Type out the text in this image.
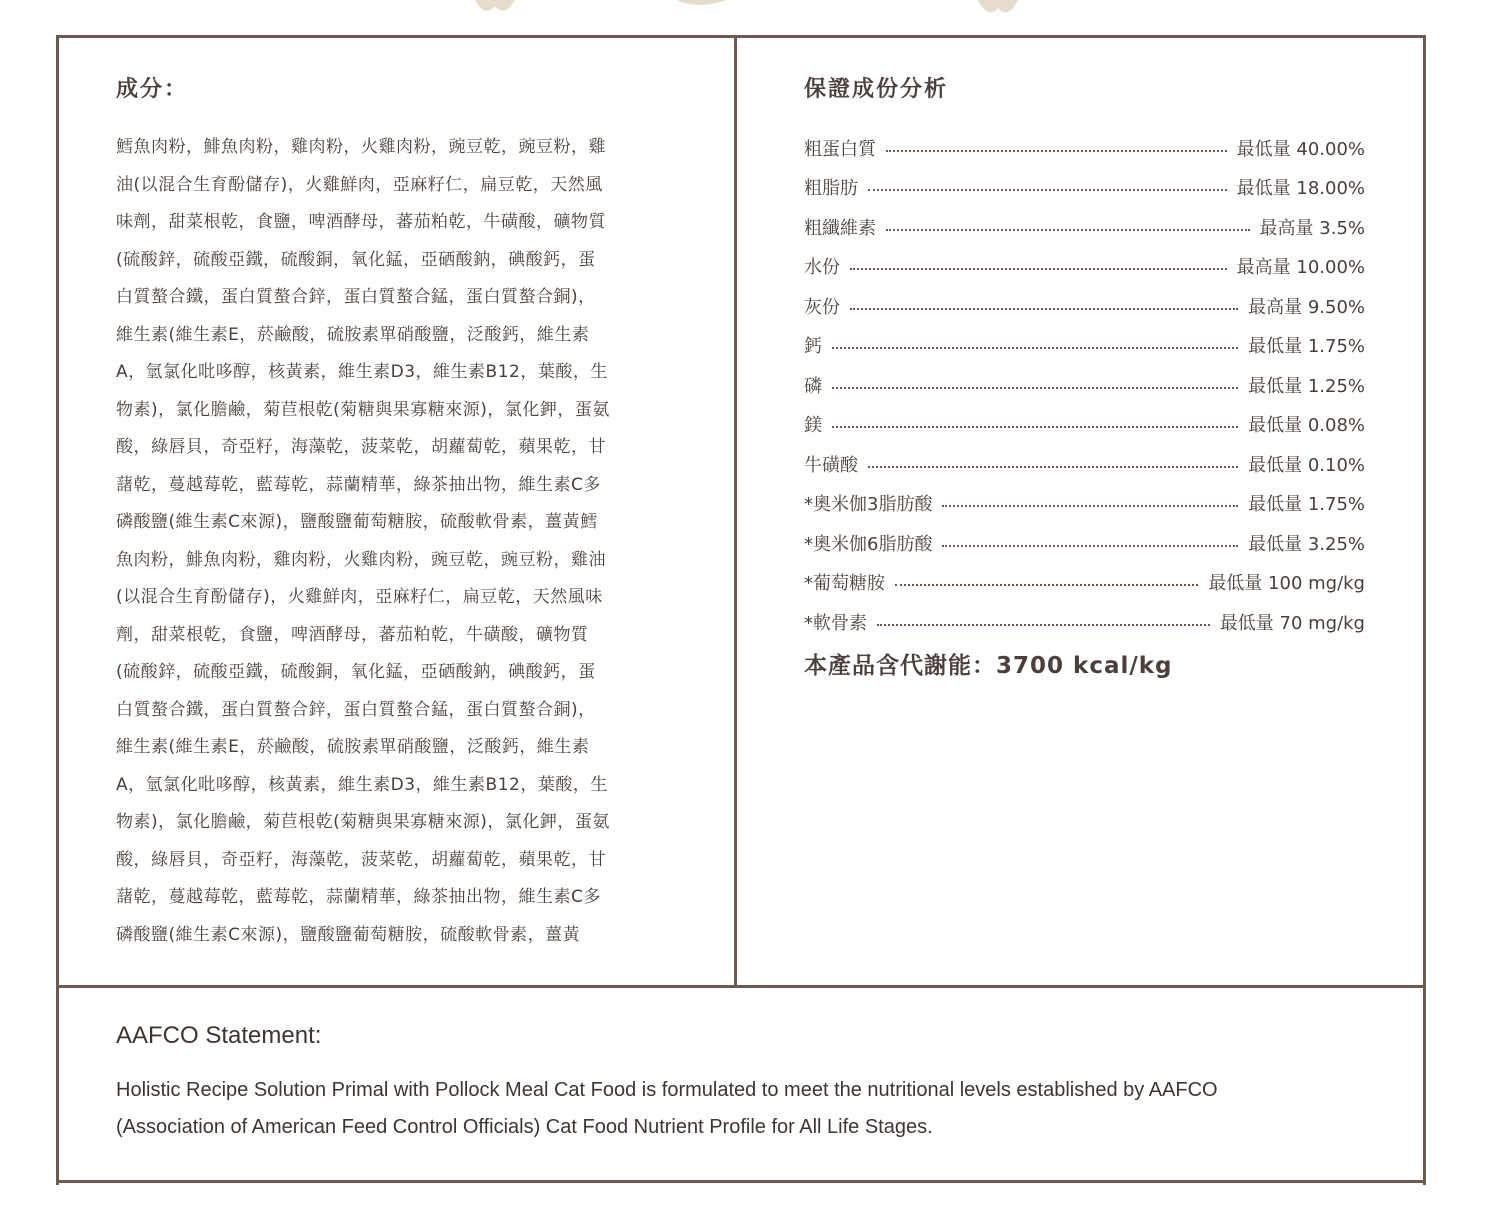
成分：
鱈魚肉粉，鯡魚肉粉，雞肉粉，火雞肉粉，豌豆乾，豌豆粉，雞
油(以混合生育酚儲存)，火雞鮮肉，亞麻籽仁，扁豆乾，天然風
味劑，甜菜根乾，食鹽，啤酒酵母，蕃茄粕乾，牛磺酸，礦物質
(硫酸鋅，硫酸亞鐵，硫酸銅，氧化錳，亞硒酸鈉，碘酸鈣，蛋
白質螯合鐵，蛋白質螯合鋅，蛋白質螯合錳，蛋白質螯合銅)，
維生素(維生素E，菸鹼酸，硫胺素單硝酸鹽，泛酸鈣，維生素
A，氫氯化吡哆醇，核黃素，維生素D3，維生素B12，葉酸，生
物素)，氯化膽鹼，菊苣根乾(菊糖與果寡糖來源)，氯化鉀，蛋氨
酸，綠唇貝，奇亞籽，海藻乾，菠菜乾，胡蘿蔔乾，蘋果乾，甘
藷乾，蔓越莓乾，藍莓乾，蒜蘭精華，綠茶抽出物，維生素C多
磷酸鹽(維生素C來源)，鹽酸鹽葡萄糖胺，硫酸軟骨素，薑黃鱈
魚肉粉，鯡魚肉粉，雞肉粉，火雞肉粉，豌豆乾，豌豆粉，雞油
(以混合生育酚儲存)，火雞鮮肉，亞麻籽仁，扁豆乾，天然風味
劑，甜菜根乾，食鹽，啤酒酵母，蕃茄粕乾，牛磺酸，礦物質
(硫酸鋅，硫酸亞鐵，硫酸銅，氧化錳，亞硒酸鈉，碘酸鈣，蛋
白質螯合鐵，蛋白質螯合鋅，蛋白質螯合錳，蛋白質螯合銅)，
維生素(維生素E，菸鹼酸，硫胺素單硝酸鹽，泛酸鈣，維生素
A，氫氯化吡哆醇，核黃素，維生素D3，維生素B12，葉酸，生
物素)，氯化膽鹼，菊苣根乾(菊糖與果寡糖來源)，氯化鉀，蛋氨
酸，綠唇貝，奇亞籽，海藻乾，菠菜乾，胡蘿蔔乾，蘋果乾，甘
藷乾，蔓越莓乾，藍莓乾，蒜蘭精華，綠茶抽出物，維生素C多
磷酸鹽(維生素C來源)，鹽酸鹽葡萄糖胺，硫酸軟骨素，薑黃
保證成份分析
粗蛋白質	最低量 40.00%
粗脂肪	最低量 18.00%
粗纖維素	最高量 3.5%
水份	最高量 10.00%
灰份	最高量 9.50%
鈣	最低量 1.75%
磷	最低量 1.25%
鎂	最低量 0.08%
牛磺酸	最低量 0.10%
*奧米伽3脂肪酸	最低量 1.75%
*奧米伽6脂肪酸	最低量 3.25%
*葡萄糖胺	最低量 100 mg/kg
*軟骨素	最低量 70 mg/kg
本產品含代謝能：3700 kcal/kg
AAFCO Statement:
Holistic Recipe Solution Primal with Pollock Meal Cat Food is formulated to meet the nutritional levels established by AAFCO
(Association of American Feed Control Officials) Cat Food Nutrient Profile for All Life Stages.
